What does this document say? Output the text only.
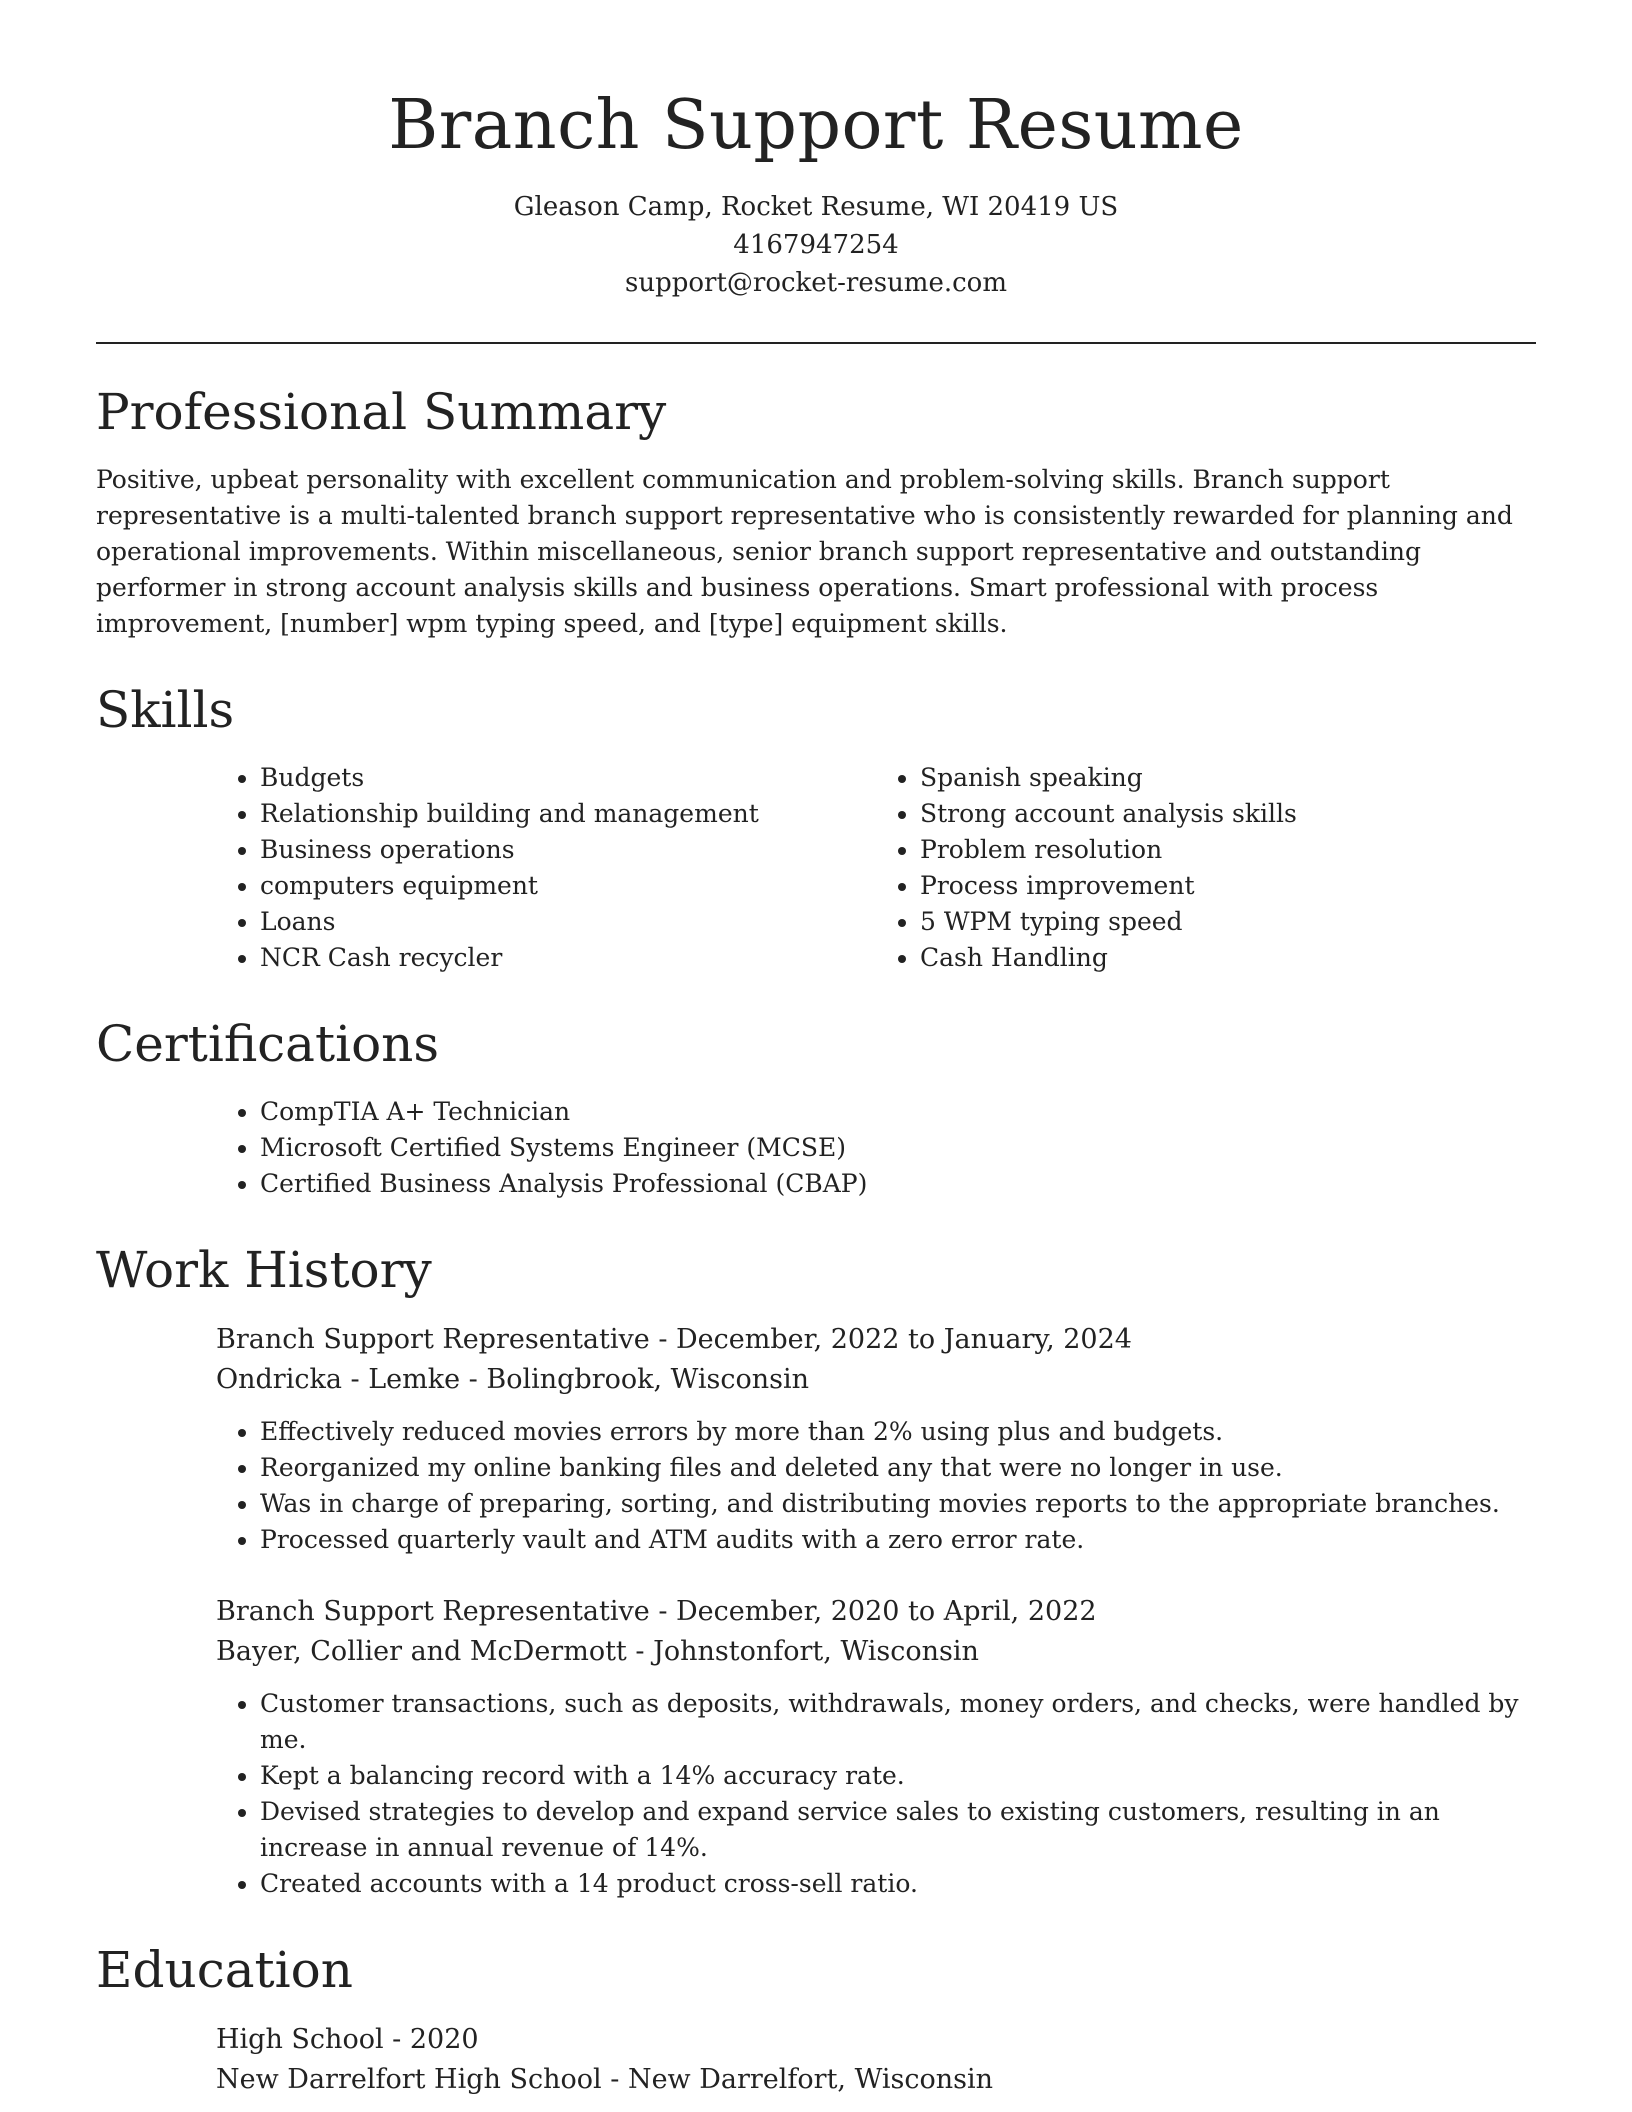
Branch Support Resume
Gleason Camp, Rocket Resume, WI 20419 US
4167947254
support@rocket-resume.com
Professional Summary

Positive, upbeat personality with excellent communication and problem-solving skills. Branch support representative is a multi-talented branch support representative who is consistently rewarded for planning and operational improvements. Within miscellaneous, senior branch support representative and outstanding performer in strong account analysis skills and business operations. Smart professional with process improvement, [number] wpm typing speed, and [type] equipment skills.

Skills
• Budgets
• Relationship building and management
• Business operations
• computers equipment
• Loans
• NCR Cash recycler
• Spanish speaking
• Strong account analysis skills
• Problem resolution
• Process improvement
• 5 WPM typing speed
• Cash Handling
Certifications
• CompTIA A+ Technician
• Microsoft Certified Systems Engineer (MCSE)
• Certified Business Analysis Professional (CBAP)
Work History
Branch Support Representative - December, 2022 to January, 2024
Ondricka - Lemke - Bolingbrook, Wisconsin
• Effectively reduced movies errors by more than 2% using plus and budgets.
• Reorganized my online banking files and deleted any that were no longer in use.
• Was in charge of preparing, sorting, and distributing movies reports to the appropriate branches.
• Processed quarterly vault and ATM audits with a zero error rate.
Branch Support Representative - December, 2020 to April, 2022
Bayer, Collier and McDermott - Johnstonfort, Wisconsin
• Customer transactions, such as deposits, withdrawals, money orders, and checks, were handled by me.
• Kept a balancing record with a 14% accuracy rate.
• Devised strategies to develop and expand service sales to existing customers, resulting in an increase in annual revenue of 14%.
• Created accounts with a 14 product cross-sell ratio.
Education
High School - 2020
New Darrelfort High School - New Darrelfort, Wisconsin
